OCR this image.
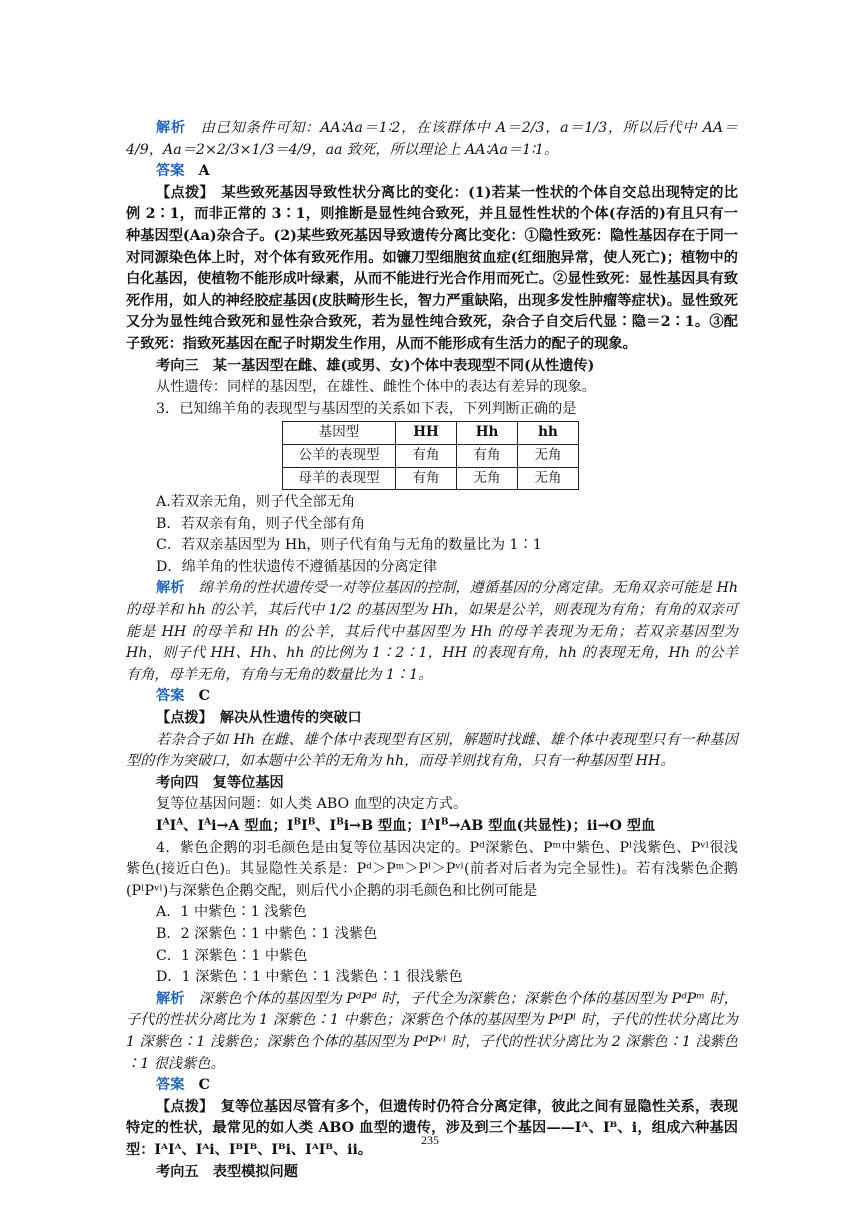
解析　 由已知条件可知：AA∶Aa＝1∶2，在该群体中 A＝2/3，a＝1/3，所以后代中 AA＝4/9，Aa＝2×2/3×1/3＝4/9，aa 致死，所以理论上 AA∶Aa＝1∶1。

答案　 A

【点拨】　 某些致死基因导致性状分离比的变化：(1)若某一性状的个体自交总出现特定的比例 2∶1，而非正常的 3∶1，则推断是显性纯合致死，并且显性性状的个体(存活的)有且只有一种基因型(Aa)杂合子。(2)某些致死基因导致遗传分离比变化：①隐性致死：隐性基因存在于同一对同源染色体上时，对个体有致死作用。如镰刀型细胞贫血症(红细胞异常，使人死亡)；植物中的白化基因，使植物不能形成叶绿素，从而不能进行光合作用而死亡。②显性致死：显性基因具有致死作用，如人的神经胶症基因(皮肤畸形生长，智力严重缺陷，出现多发性肿瘤等症状)。显性致死又分为显性纯合致死和显性杂合致死，若为显性纯合致死，杂合子自交后代显∶隐＝2∶1。③配子致死：指致死基因在配子时期发生作用，从而不能形成有生活力的配子的现象。

考向三　某一基因型在雌、雄(或男、女)个体中表现型不同(从性遗传)

从性遗传：同样的基因型，在雄性、雌性个体中的表达有差异的现象。

3．已知绵羊角的表现型与基因型的关系如下表，下列判断正确的是

基因型	HH	Hh	hh
公羊的表现型	有角	有角	无角
母羊的表现型	有角	无角	无角

A.若双亲无角，则子代全部无角

B．若双亲有角，则子代全部有角

C．若双亲基因型为 Hh，则子代有角与无角的数量比为 1∶1

D．绵羊角的性状遗传不遵循基因的分离定律

解析　 绵羊角的性状遗传受一对等位基因的控制，遵循基因的分离定律。无角双亲可能是 Hh 的母羊和 hh 的公羊，其后代中 1/2 的基因型为 Hh，如果是公羊，则表现为有角；有角的双亲可能是 HH 的母羊和 Hh 的公羊，其后代中基因型为 Hh 的母羊表现为无角；若双亲基因型为 Hh，则子代 HH、Hh、hh 的比例为 1∶2∶1，HH 的表现有角，hh 的表现无角，Hh 的公羊有角，母羊无角，有角与无角的数量比为 1∶1。

答案　 C

【点拨】　 解决从性遗传的突破口

若杂合子如 Hh 在雌、雄个体中表现型有区别，解题时找雌、雄个体中表现型只有一种基因型的作为突破口，如本题中公羊的无角为 hh，而母羊则找有角，只有一种基因型 HH。

考向四　复等位基因

复等位基因问题：如人类 ABO 血型的决定方式。

$I^AI^A$、$I^Ai\to A$ 型血；$I^BI^B$、$I^Bi\to B$ 型血；$I^AI^B\to AB$ 型血(共显性)；ii→O 型血

4．紫色企鹅的羽毛颜色是由复等位基因决定的。Pᵈ深紫色、Pᵐ中紫色、Pˡ浅紫色、Pᵛˡ很浅紫色(接近白色)。其显隐性关系是：Pᵈ＞Pᵐ＞Pˡ＞Pᵛˡ(前者对后者为完全显性)。若有浅紫色企鹅(PˡPᵛˡ)与深紫色企鹅交配，则后代小企鹅的羽毛颜色和比例可能是

A．1 中紫色∶1 浅紫色

B．2 深紫色∶1 中紫色∶1 浅紫色

C．1 深紫色∶1 中紫色

D．1 深紫色∶1 中紫色∶1 浅紫色∶1 很浅紫色

解析　 深紫色个体的基因型为 PᵈPᵈ 时，子代全为深紫色；深紫色个体的基因型为 PᵈPᵐ 时，子代的性状分离比为 1 深紫色∶1 中紫色；深紫色个体的基因型为 PᵈPˡ 时，子代的性状分离比为 1 深紫色∶1 浅紫色；深紫色个体的基因型为 PᵈPᵛˡ 时，子代的性状分离比为 2 深紫色∶1 浅紫色∶1 很浅紫色。

答案　 C

【点拨】　 复等位基因尽管有多个，但遗传时仍符合分离定律，彼此之间有显隐性关系，表现特定的性状，最常见的如人类 ABO 血型的遗传，涉及到三个基因——Iᴬ、Iᴮ、i，组成六种基因型：IᴬIᴬ、Iᴬi、IᴮIᴮ、Iᴮi、IᴬIᴮ、ii。

考向五　表型模拟问题

235
